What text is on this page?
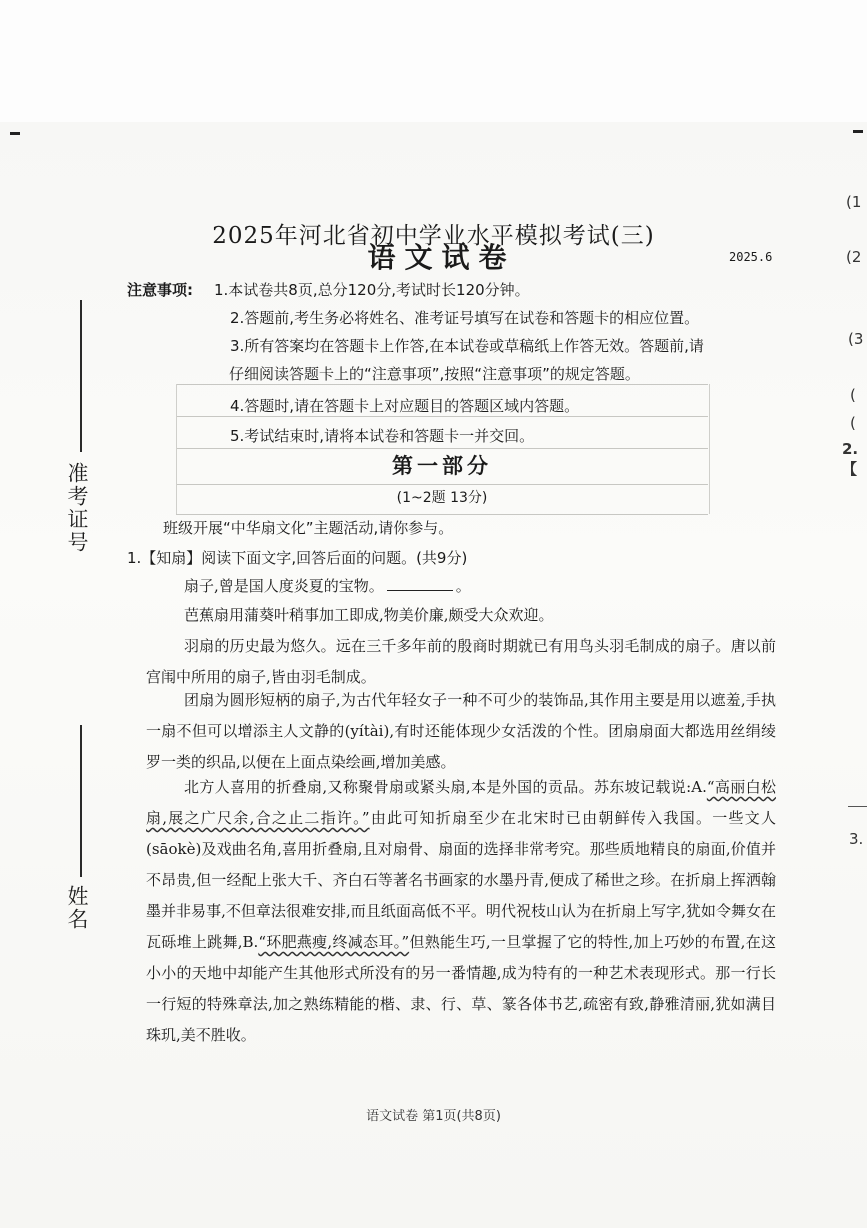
准考证号
姓名
(1
(2
(3
(
(
2.【
3.
2025年河北省初中学业水平模拟考试(三)
语文试卷	2025.6
注意事项: 1.本试卷共8页,总分120分,考试时长120分钟。
2.答题前,考生务必将姓名、准考证号填写在试卷和答题卡的相应位置。
3.所有答案均在答题卡上作答,在本试卷或草稿纸上作答无效。答题前,请
仔细阅读答题卡上的“注意事项”,按照“注意事项”的规定答题。
4.答题时,请在答题卡上对应题目的答题区域内答题。
5.考试结束时,请将本试卷和答题卡一并交回。
第一部分
(1~2题 13分)
班级开展“中华扇文化”主题活动,请你参与。
1.【知扇】阅读下面文字,回答后面的问题。(共9分)
扇子,曾是国人度炎夏的宝物。	。
芭蕉扇用蒲葵叶稍事加工即成,物美价廉,颇受大众欢迎。
羽扇的历史最为悠久。远在三千多年前的殷商时期就已有用鸟头羽毛制成的扇子。唐以前宫闱中所用的扇子,皆由羽毛制成。
团扇为圆形短柄的扇子,为古代年轻女子一种不可少的装饰品,其作用主要是用以遮羞,手执一扇不但可以增添主人文静的(yítài),有时还能体现少女活泼的个性。团扇扇面大都选用丝绢绫罗一类的织品,以便在上面点染绘画,增加美感。
北方人喜用的折叠扇,又称聚骨扇或紧头扇,本是外国的贡品。苏东坡记载说:A.“高丽白松扇,展之广尺余,合之止二指许。”由此可知折扇至少在北宋时已由朝鲜传入我国。一些文人(sāokè)及戏曲名角,喜用折叠扇,且对扇骨、扇面的选择非常考究。那些质地精良的扇面,价值并不昂贵,但一经配上张大千、齐白石等著名书画家的水墨丹青,便成了稀世之珍。在折扇上挥洒翰墨并非易事,不但章法很难安排,而且纸面高低不平。明代祝枝山认为在折扇上写字,犹如令舞女在瓦砾堆上跳舞,B.“环肥燕瘦,终减态耳。”但熟能生巧,一旦掌握了它的特性,加上巧妙的布置,在这小小的天地中却能产生其他形式所没有的另一番情趣,成为特有的一种艺术表现形式。那一行长一行短的特殊章法,加之熟练精能的楷、隶、行、草、篆各体书艺,疏密有致,静雅清丽,犹如满目珠玑,美不胜收。
语文试卷 第1页(共8页)
